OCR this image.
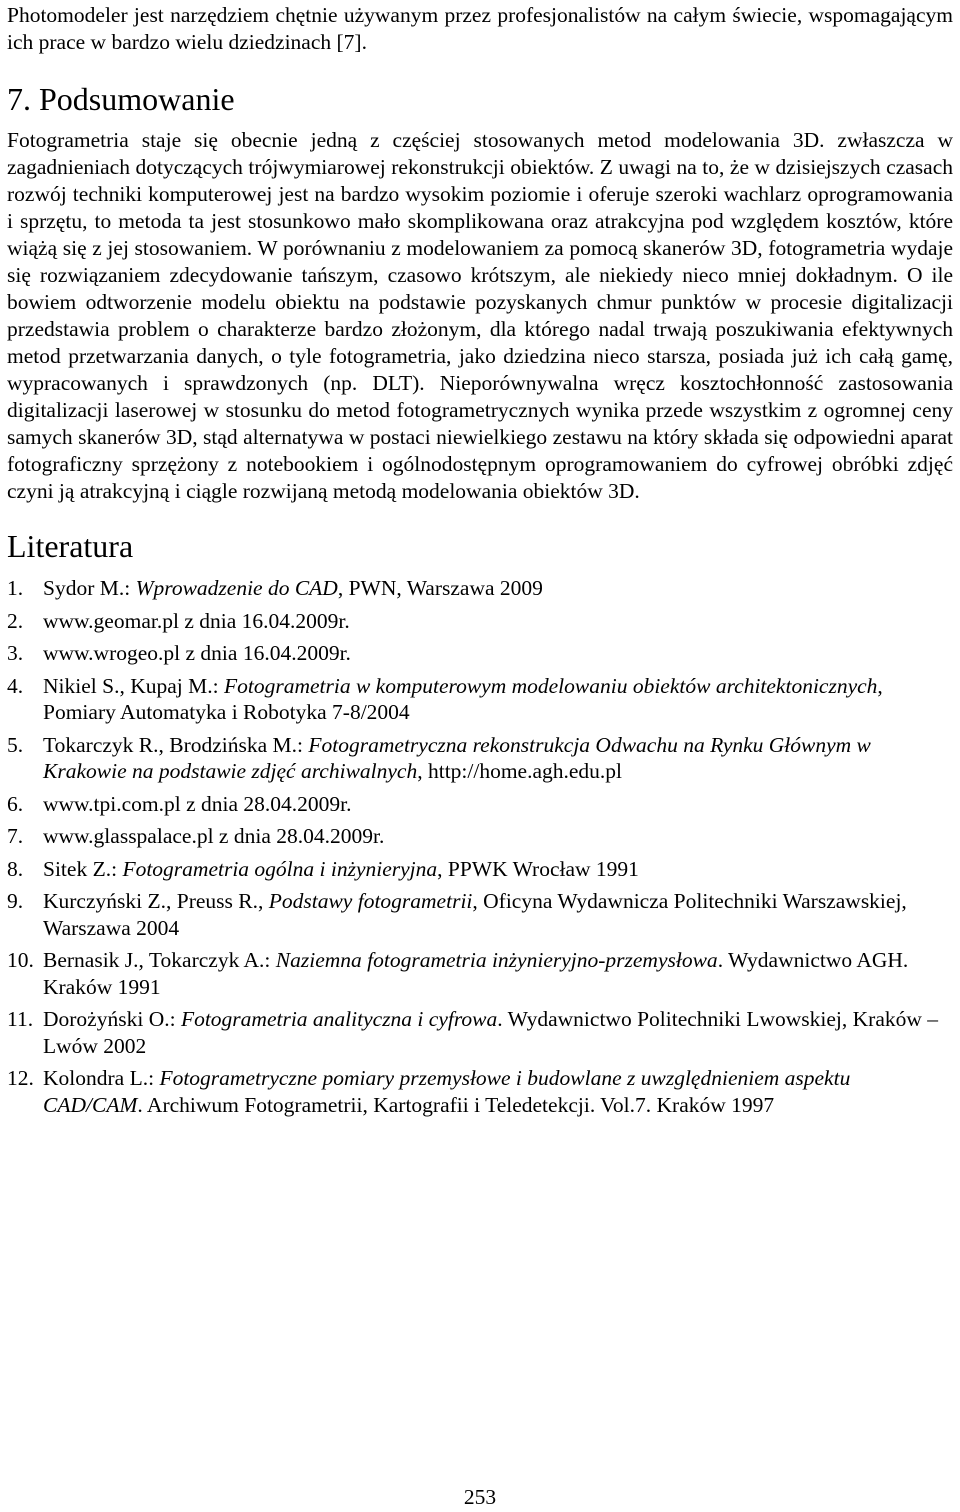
Photomodeler jest narzędziem chętnie używanym przez profesjonalistów na całym świecie, wspomagającym ich prace w bardzo wielu dziedzinach [7].

7. Podsumowanie

Fotogrametria staje się obecnie jedną z częściej stosowanych metod modelowania 3D. zwłaszcza w zagadnieniach dotyczących trójwymiarowej rekonstrukcji obiektów. Z uwagi na to, że w dzisiejszych czasach rozwój techniki komputerowej jest na bardzo wysokim poziomie i oferuje szeroki wachlarz oprogramowania i sprzętu, to metoda ta jest stosunkowo mało skomplikowana oraz atrakcyjna pod względem kosztów, które wiążą się z jej stosowaniem. W porównaniu z modelowaniem za pomocą skanerów 3D, fotogrametria wydaje się rozwiązaniem zdecydowanie tańszym, czasowo krótszym, ale niekiedy nieco mniej dokładnym. O ile bowiem odtworzenie modelu obiektu na podstawie pozyskanych chmur punktów w procesie digitalizacji przedstawia problem o charakterze bardzo złożonym, dla którego nadal trwają poszukiwania efektywnych metod przetwarzania danych, o tyle fotogrametria, jako dziedzina nieco starsza, posiada już ich całą gamę, wypracowanych i sprawdzonych (np. DLT). Nieporównywalna wręcz kosztochłonność zastosowania digitalizacji laserowej w stosunku do metod fotogrametrycznych wynika przede wszystkim z ogromnej ceny samych skanerów 3D, stąd alternatywa w postaci niewielkiego zestawu na który składa się odpowiedni aparat fotograficzny sprzężony z notebookiem i ogólnodostępnym oprogramowaniem do cyfrowej obróbki zdjęć czyni ją atrakcyjną i ciągle rozwijaną metodą modelowania obiektów 3D.

Literatura
1. Sydor M.: Wprowadzenie do CAD, PWN, Warszawa 2009
2. www.geomar.pl z dnia 16.04.2009r.
3. www.wrogeo.pl z dnia 16.04.2009r.
4. Nikiel S., Kupaj M.: Fotogrametria w komputerowym modelowaniu obiektów architektonicznych, Pomiary Automatyka i Robotyka 7-8/2004
5. Tokarczyk R., Brodzińska M.: Fotogrametryczna rekonstrukcja Odwachu na Rynku Głównym w Krakowie na podstawie zdjęć archiwalnych, http://home.agh.edu.pl
6. www.tpi.com.pl z dnia 28.04.2009r.
7. www.glasspalace.pl z dnia 28.04.2009r.
8. Sitek Z.: Fotogrametria ogólna i inżynieryjna, PPWK Wrocław 1991
9. Kurczyński Z., Preuss R., Podstawy fotogrametrii, Oficyna Wydawnicza Politechniki Warszawskiej, Warszawa 2004
10. Bernasik J., Tokarczyk A.: Naziemna fotogrametria inżynieryjno-przemysłowa. Wydawnictwo AGH. Kraków 1991
11. Dorożyński O.: Fotogrametria analityczna i cyfrowa. Wydawnictwo Politechniki Lwowskiej, Kraków – Lwów 2002
12. Kolondra L.: Fotogrametryczne pomiary przemysłowe i budowlane z uwzględnieniem aspektu CAD/CAM. Archiwum Fotogrametrii, Kartografii i Teledetekcji. Vol.7. Kraków 1997
253
